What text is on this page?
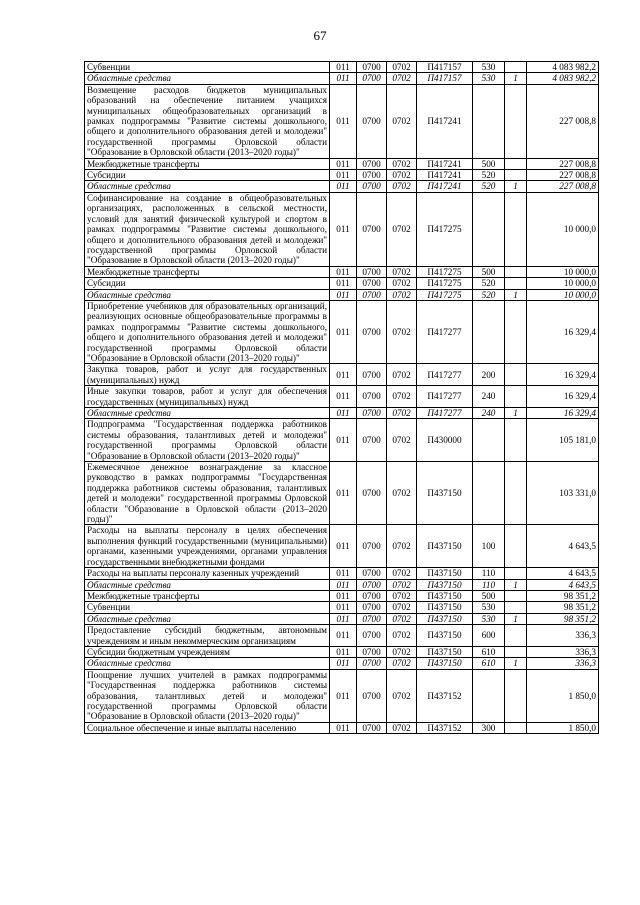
67
Субвенции	011	0700	0702	П417157	530		4 083 982,2
Областные средства	011	0700	0702	П417157	530	1	4 083 982,2
Возмещение расходов бюджетов муниципальных образований на обеспечение питанием учащихся муниципальных общеобразовательных организаций в рамках подпрограммы "Развитие системы дошкольного, общего и дополнительного образования детей и молодежи" государственной программы Орловской области "Образование в Орловской области (2013–2020 годы)"	011	0700	0702	П417241			227 008,8
Межбюджетные трансферты	011	0700	0702	П417241	500		227 008,8
Субсидии	011	0700	0702	П417241	520		227 008,8
Областные средства	011	0700	0702	П417241	520	1	227 008,8
Софинансирование на создание в общеобразовательных организациях, расположенных в сельской местности, условий для занятий физической культурой и спортом в рамках подпрограммы "Развитие системы дошкольного, общего и дополнительного образования детей и молодежи" государственной программы Орловской области "Образование в Орловской области (2013–2020 годы)"	011	0700	0702	П417275			10 000,0
Межбюджетные трансферты	011	0700	0702	П417275	500		10 000,0
Субсидии	011	0700	0702	П417275	520		10 000,0
Областные средства	011	0700	0702	П417275	520	1	10 000,0
Приобретение учебников для образовательных организаций, реализующих основные общеобразовательные программы в рамках подпрограммы "Развитие системы дошкольного, общего и дополнительного образования детей и молодежи" государственной программы Орловской области "Образование в Орловской области (2013–2020 годы)"	011	0700	0702	П417277			16 329,4
Закупка товаров, работ и услуг для государственных (муниципальных) нужд	011	0700	0702	П417277	200		16 329,4
Иные закупки товаров, работ и услуг для обеспечения государственных (муниципальных) нужд	011	0700	0702	П417277	240		16 329,4
Областные средства	011	0700	0702	П417277	240	1	16 329,4
Подпрограмма "Государственная поддержка работников системы образования, талантливых детей и молодежи" государственной программы Орловской области "Образование в Орловской области (2013–2020 годы)"	011	0700	0702	П430000			105 181,0
Ежемесячное денежное вознаграждение за классное руководство в рамках подпрограммы "Государственная поддержка работников системы образования, талантливых детей и молодежи" государственной программы Орловской области "Образование в Орловской области (2013–2020 годы)"	011	0700	0702	П437150			103 331,0
Расходы на выплаты персоналу в целях обеспечения выполнения функций государственными (муниципальными) органами, казенными учреждениями, органами управления государственными внебюджетными фондами	011	0700	0702	П437150	100		4 643,5
Расходы на выплаты персоналу казенных учреждений	011	0700	0702	П437150	110		4 643,5
Областные средства	011	0700	0702	П437150	110	1	4 643,5
Межбюджетные трансферты	011	0700	0702	П437150	500		98 351,2
Субвенции	011	0700	0702	П437150	530		98 351,2
Областные средства	011	0700	0702	П437150	530	1	98 351,2
Предоставление субсидий бюджетным, автономным учреждениям и иным некоммерческим организациям	011	0700	0702	П437150	600		336,3
Субсидии бюджетным учреждениям	011	0700	0702	П437150	610		336,3
Областные средства	011	0700	0702	П437150	610	1	336,3
Поощрение лучших учителей в рамках подпрограммы "Государственная поддержка работников системы образования, талантливых детей и молодежи" государственной программы Орловской области "Образование в Орловской области (2013–2020 годы)"	011	0700	0702	П437152			1 850,0
Социальное обеспечение и иные выплаты населению	011	0700	0702	П437152	300		1 850,0
